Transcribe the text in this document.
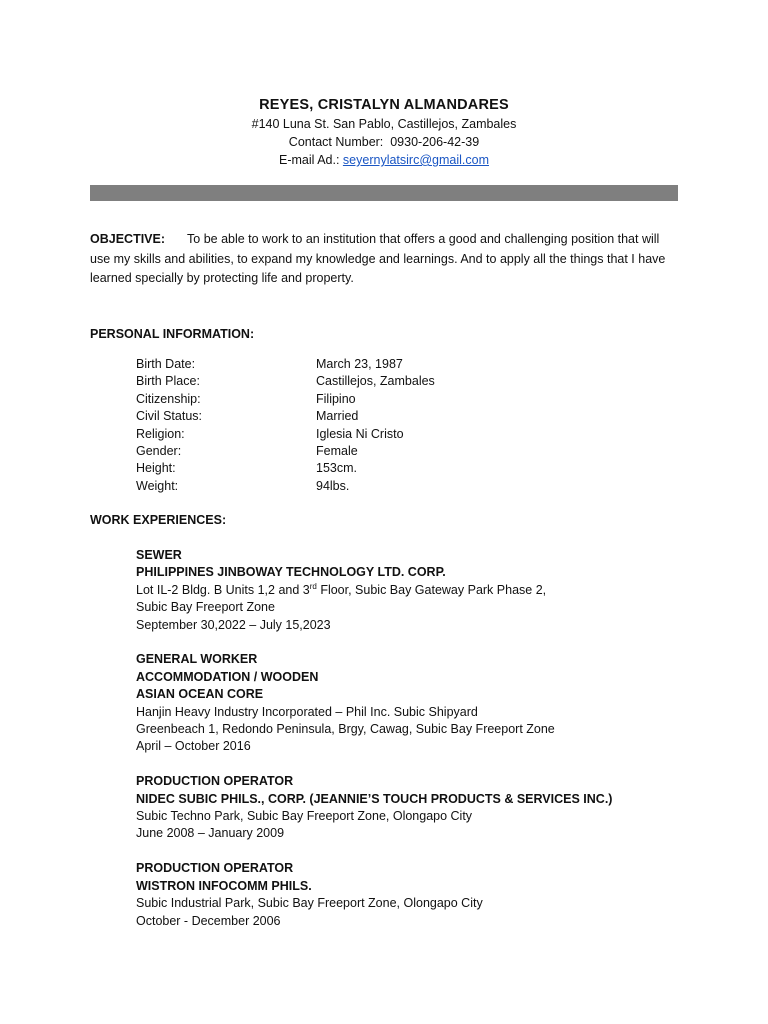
REYES, CRISTALYN ALMANDARES
#140 Luna St. San Pablo, Castillejos, Zambales
Contact Number: 0930-206-42-39
E-mail Ad.: seyernylatsirc@gmail.com
OBJECTIVE: To be able to work to an institution that offers a good and challenging position that will use my skills and abilities, to expand my knowledge and learnings. And to apply all the things that I have learned specially by protecting life and property.
PERSONAL INFORMATION:
Birth Date:	March 23, 1987
Birth Place:	Castillejos, Zambales
Citizenship:	Filipino
Civil Status:	Married
Religion:	Iglesia Ni Cristo
Gender:	Female
Height:	153cm.
Weight:	94lbs.
WORK EXPERIENCES:
SEWER
PHILIPPINES JINBOWAY TECHNOLOGY LTD. CORP.
Lot IL-2 Bldg. B Units 1,2 and 3rd Floor, Subic Bay Gateway Park Phase 2,
Subic Bay Freeport Zone
September 30,2022 – July 15,2023
GENERAL WORKER
ACCOMMODATION / WOODEN
ASIAN OCEAN CORE
Hanjin Heavy Industry Incorporated – Phil Inc. Subic Shipyard
Greenbeach 1, Redondo Peninsula, Brgy, Cawag, Subic Bay Freeport Zone
April – October 2016
PRODUCTION OPERATOR
NIDEC SUBIC PHILS., CORP. (JEANNIE’S TOUCH PRODUCTS & SERVICES INC.)
Subic Techno Park, Subic Bay Freeport Zone, Olongapo City
June 2008 – January 2009
PRODUCTION OPERATOR
WISTRON INFOCOMM PHILS.
Subic Industrial Park, Subic Bay Freeport Zone, Olongapo City
October - December 2006
